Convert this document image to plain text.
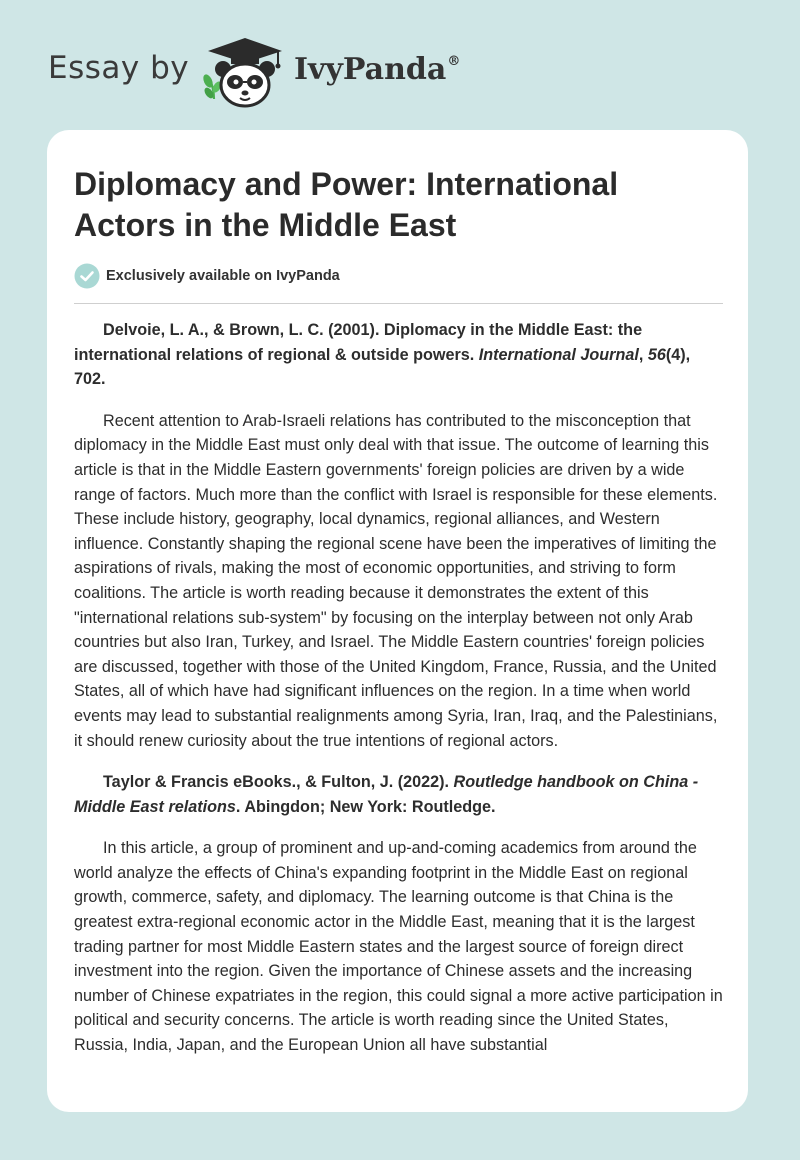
Essay by	IvyPanda®
Diplomacy and Power: International Actors in the Middle East
Exclusively available on IvyPanda

Delvoie, L. A., & Brown, L. C. (2001). Diplomacy in the Middle East: the international relations of regional & outside powers. International Journal, 56(4), 702.

Recent attention to Arab-Israeli relations has contributed to the misconception that diplomacy in the Middle East must only deal with that issue. The outcome of learning this article is that in the Middle Eastern governments' foreign policies are driven by a wide range of factors. Much more than the conflict with Israel is responsible for these elements. These include history, geography, local dynamics, regional alliances, and Western influence. Constantly shaping the regional scene have been the imperatives of limiting the aspirations of rivals, making the most of economic opportunities, and striving to form coalitions. The article is worth reading because it demonstrates the extent of this "international relations sub-system" by focusing on the interplay between not only Arab countries but also Iran, Turkey, and Israel. The Middle Eastern countries' foreign policies are discussed, together with those of the United Kingdom, France, Russia, and the United States, all of which have had significant influences on the region. In a time when world events may lead to substantial realignments among Syria, Iran, Iraq, and the Palestinians, it should renew curiosity about the true intentions of regional actors.

Taylor & Francis eBooks., & Fulton, J. (2022). Routledge handbook on China - Middle East relations. Abingdon; New York: Routledge.

In this article, a group of prominent and up-and-coming academics from around the world analyze the effects of China's expanding footprint in the Middle East on regional growth, commerce, safety, and diplomacy. The learning outcome is that China is the greatest extra-regional economic actor in the Middle East, meaning that it is the largest trading partner for most Middle Eastern states and the largest source of foreign direct investment into the region. Given the importance of Chinese assets and the increasing number of Chinese expatriates in the region, this could signal a more active participation in political and security concerns. The article is worth reading since the United States, Russia, India, Japan, and the European Union all have substantial
